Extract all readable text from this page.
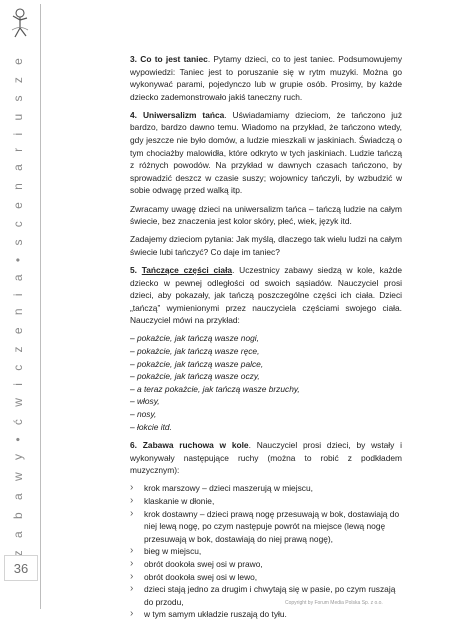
z a b a w y • ć w i c z e n i a • s c e n a r i u s z e
36

3. Co to jest taniec. Pytamy dzieci, co to jest taniec. Podsumowujemy wypowiedzi: Taniec jest to poruszanie się w rytm muzyki. Można go wykonywać parami, pojedynczo lub w grupie osób. Prosimy, by każde dziecko zademonstrowało jakiś taneczny ruch.

4. Uniwersalizm tańca. Uświadamiamy dzieciom, że tańczono już bardzo, bardzo dawno temu. Wiadomo na przykład, że tańczono wtedy, gdy jeszcze nie było domów, a ludzie mieszkali w jaskiniach. Świadczą o tym chociażby malowidła, które odkryto w tych jaskiniach. Ludzie tańczą z różnych powodów. Na przykład w dawnych czasach tańczono, by sprowadzić deszcz w czasie suszy; wojownicy tańczyli, by wzbudzić w sobie odwagę przed walką itp.

Zwracamy uwagę dzieci na uniwersalizm tańca – tańczą ludzie na całym świecie, bez znaczenia jest kolor skóry, płeć, wiek, język itd.

Zadajemy dzieciom pytania: Jak myślą, dlaczego tak wielu ludzi na całym świecie lubi tańczyć? Co daje im taniec?

5. Tańczące części ciała. Uczestnicy zabawy siedzą w kole, każde dziecko w pewnej odległości od swoich sąsiadów. Nauczyciel prosi dzieci, aby pokazały, jak tańczą poszczególne części ich ciała. Dzieci „tańczą” wymienionymi przez nauczyciela częściami swojego ciała. Nauczyciel mówi na przykład:

– pokażcie, jak tańczą wasze nogi,
– pokażcie, jak tańczą wasze ręce,
– pokażcie, jak tańczą wasze palce,
– pokażcie, jak tańczą wasze oczy,
– a teraz pokażcie, jak tańczą wasze brzuchy,
– włosy,
– nosy,
– łokcie itd.

6. Zabawa ruchowa w kole. Nauczyciel prosi dzieci, by wstały i wykonywały następujące ruchy (można to robić z podkładem muzycznym):

› krok marszowy – dzieci maszerują w miejscu,
› klaskanie w dłonie,
› krok dostawny – dzieci prawą nogę przesuwają w bok, dostawiają do niej lewą nogę, po czym następuje powrót na miejsce (lewą nogę przesuwają w bok, dostawiają do niej prawą nogę),
› bieg w miejscu,
› obrót dookoła swej osi w prawo,
› obrót dookoła swej osi w lewo,
› dzieci stają jedno za drugim i chwytają się w pasie, po czym ruszają do przodu,
› w tym samym układzie ruszają do tyłu.
Copyright by Forum Media Polska Sp. z o.o.
